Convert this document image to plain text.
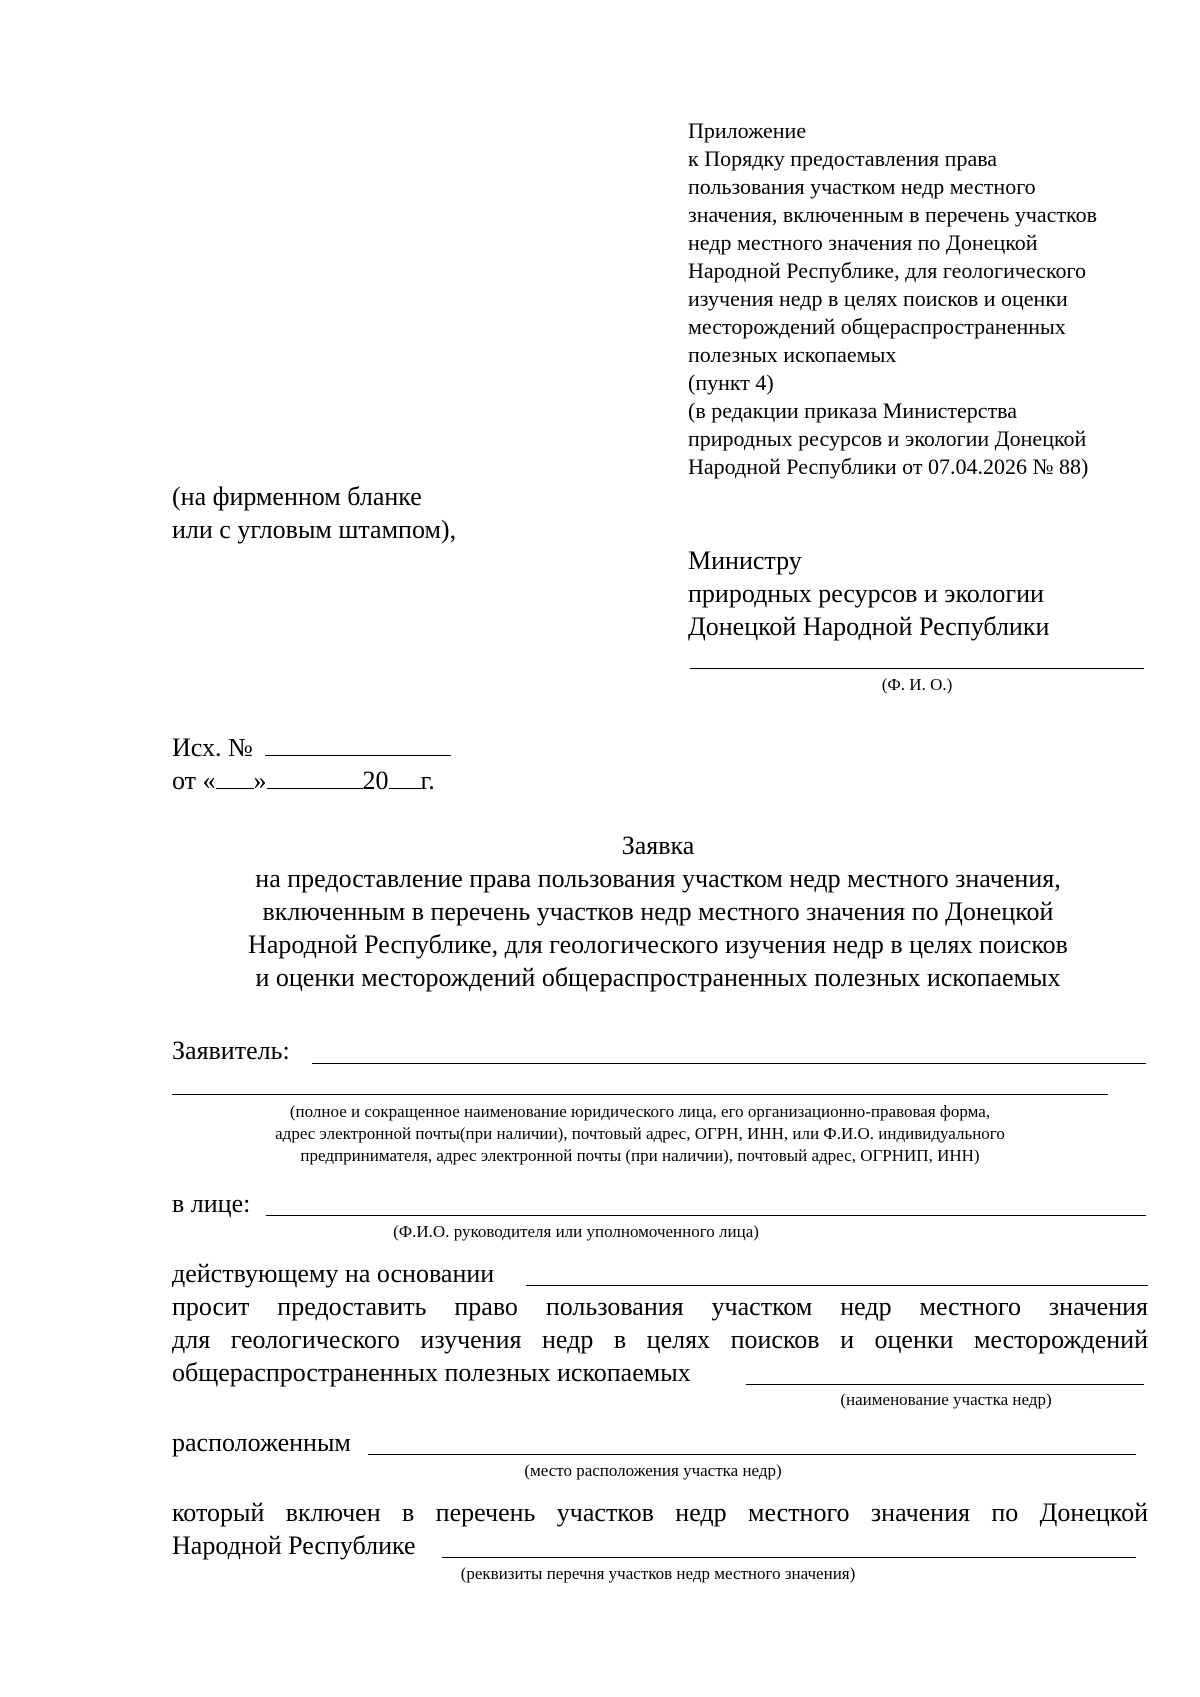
Приложение
к Порядку предоставления права
пользования участком недр местного
значения, включенным в перечень участков
недр местного значения по Донецкой
Народной Республике, для геологического
изучения недр в целях поисков и оценки
месторождений общераспространенных
полезных ископаемых
(пункт 4)
(в редакции приказа Министерства
природных ресурсов и экологии Донецкой
Народной Республики от 07.04.2026 № 88)
(на фирменном бланке
или с угловым штампом),
Министру
природных ресурсов и экологии
Донецкой Народной Республики
(Ф. И. О.)
Исх. №
от « »	20 г.
Заявка
на предоставление права пользования участком недр местного значения,
включенным в перечень участков недр местного значения по Донецкой
Народной Республике, для геологического изучения недр в целях поисков
и оценки месторождений общераспространенных полезных ископаемых
Заявитель:
(полное и сокращенное наименование юридического лица, его организационно-правовая форма,
адрес электронной почты(при наличии), почтовый адрес, ОГРН, ИНН, или Ф.И.О. индивидуального
предпринимателя, адрес электронной почты (при наличии), почтовый адрес, ОГРНИП, ИНН)
в лице:
(Ф.И.О. руководителя или уполномоченного лица)
действующему на основании
просит предоставить право пользования участком недр местного значения
для геологического изучения недр в целях поисков и оценки месторождений
общераспространенных полезных ископаемых
(наименование участка недр)
расположенным
(место расположения участка недр)
который включен в перечень участков недр местного значения по Донецкой
Народной Республике
(реквизиты перечня участков недр местного значения)
